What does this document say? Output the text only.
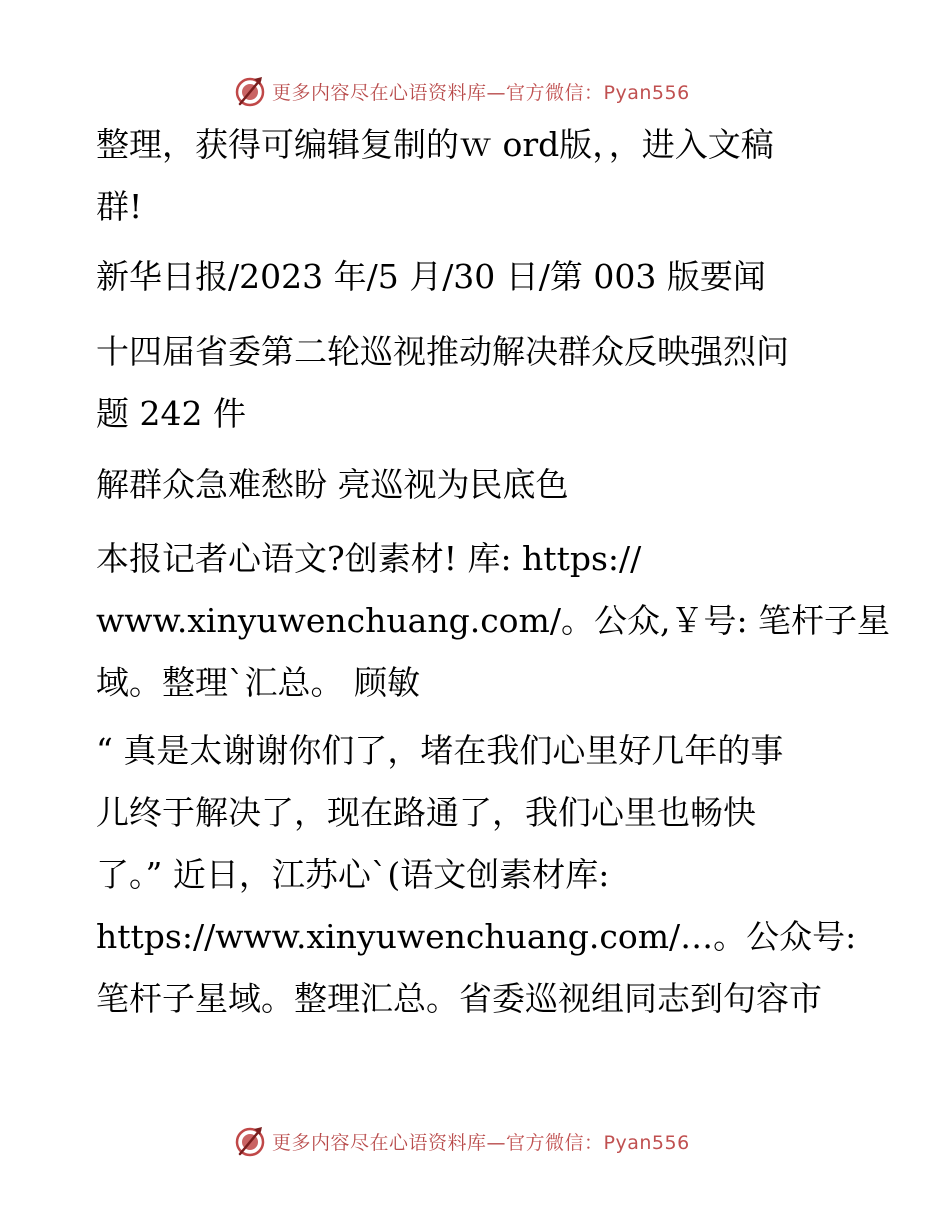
更多内容尽在心语资料库—官方微信：Pyan556
整理，获得可编辑复制的ｗ ord版，，进入文稿
群!
新华日报/2023 年/5 月/30 日/第 003 版要闻
十四届省委第二轮巡视推动解决群众反映强烈问
题 242 件
解群众急难愁盼 亮巡视为民底色
本报记者心语文?创素材! 库: https://
www.xinyuwenchuang.com/。公众,￥号: 笔杆子星
域。整理`汇总。 顾敏
“ 真是太谢谢你们了，堵在我们心里好几年的事
儿终于解决了，现在路通了，我们心里也畅快
了。” 近日，江苏心`(语文创素材库:
https://www.xinyuwenchuang.com/…。公众号:
笔杆子星域。整理汇总。省委巡视组同志到句容市
更多内容尽在心语资料库—官方微信：Pyan556
